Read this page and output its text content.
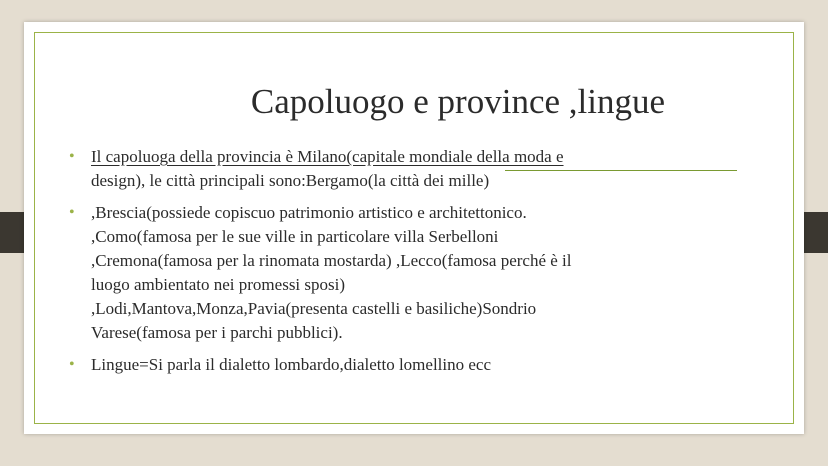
Capoluogo e province ,lingue
• Il capoluoga della provincia è Milano(capitale mondiale della moda e
design), le città principali sono:Bergamo(la città dei mille)
• ,Brescia(possiede copiscuo patrimonio artistico e architettonico.
,Como(famosa per le sue ville in particolare villa Serbelloni
,Cremona(famosa per la rinomata mostarda) ,Lecco(famosa perché è il
luogo ambientato nei promessi sposi)
,Lodi,Mantova,Monza,Pavia(presenta castelli e basiliche)Sondrio
Varese(famosa per i parchi pubblici).
• Lingue=Si parla il dialetto lombardo,dialetto lomellino ecc
